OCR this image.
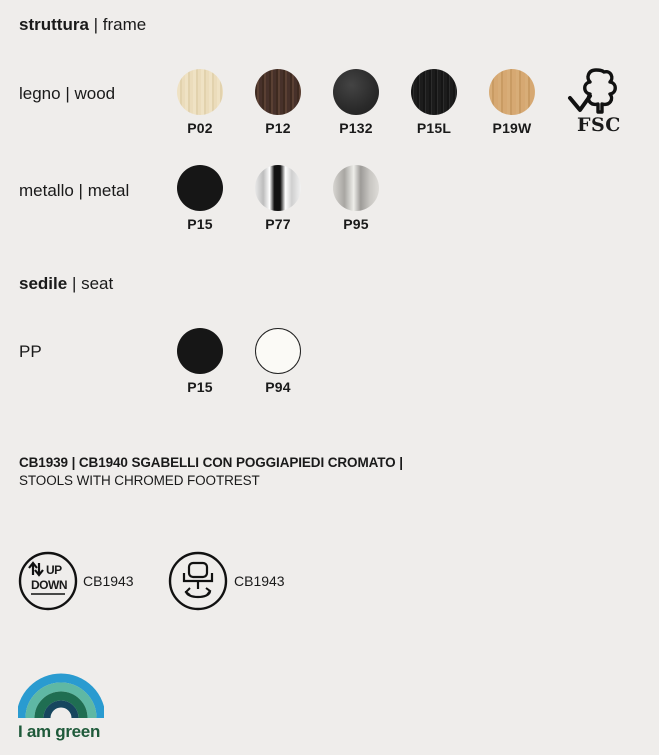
struttura | frame
legno | wood
P02	P12	P132	P15L	P19W	FSC
metallo | metal
P15	P77	P95
sedile | seat
PP
P15	P94
CB1939 | CB1940 SGABELLI CON POGGIAPIEDI CROMATO |
STOOLS WITH CHROMED FOOTREST
UP
DOWN CB1943	CB1943
I am green
